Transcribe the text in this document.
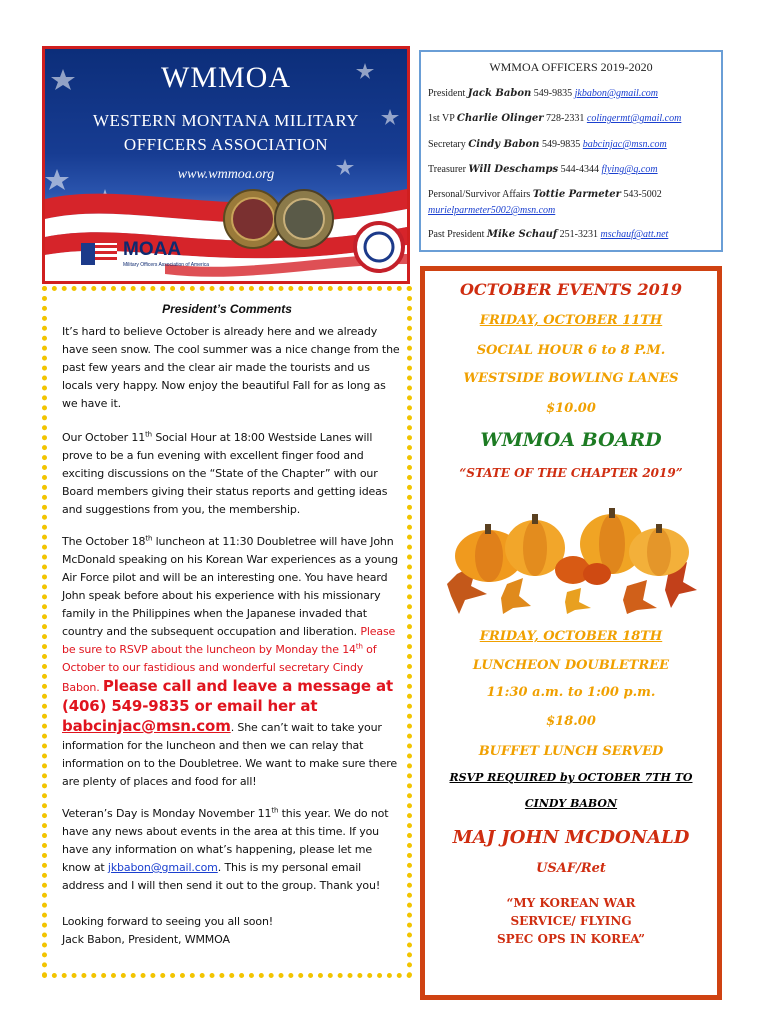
WMMOA
WESTERN MONTANA MILITARY
OFFICERS ASSOCIATION
www.wmmoa.org
MOAA
Military Officers Association of America
WMMOA OFFICERS 2019-2020
President Jack Babon 549-9835 jkbabon@gmail.com
1st VP Charlie Olinger 728-2331 colingermt@gmail.com
Secretary Cindy Babon 549-9835 babcinjac@msn.com
Treasurer Will Deschamps 544-4344 flying@q.com
Personal/Survivor Affairs Tottie Parmeter 543-5002
murielparmeter5002@msn.com
Past President Mike Schauf 251-3231 mschauf@att.net
President’s Comments
It’s hard to believe October is already here and we already have seen snow. The cool summer was a nice change from the past few years and the clear air made the tourists and us locals very happy. Now enjoy the beautiful Fall for as long as we have it.
Our October 11th Social Hour at 18:00 Westside Lanes will prove to be a fun evening with excellent finger food and exciting discussions on the “State of the Chapter” with our Board members giving their status reports and getting ideas and suggestions from you, the membership.
The October 18th luncheon at 11:30 Doubletree will have John McDonald speaking on his Korean War experiences as a young Air Force pilot and will be an interesting one. You have heard John speak before about his experience with his missionary family in the Philippines when the Japanese invaded that country and the subsequent occupation and liberation. Please be sure to RSVP about the luncheon by Monday the 14th of October to our fastidious and wonderful secretary Cindy Babon. Please call and leave a message at (406) 549-9835 or email her at babcinjac@msn.com. She can’t wait to take your information for the luncheon and then we can relay that information on to the Doubletree. We want to make sure there are plenty of places and food for all!
Veteran’s Day is Monday November 11th this year. We do not have any news about events in the area at this time. If you have any information on what’s happening, please let me know at jkbabon@gmail.com. This is my personal email address and I will then send it out to the group. Thank you!
Looking forward to seeing you all soon!
Jack Babon, President, WMMOA
OCTOBER EVENTS 2019
FRIDAY, OCTOBER 11TH
SOCIAL HOUR 6 to 8 P.M.
WESTSIDE BOWLING LANES
$10.00
WMMOA BOARD
“STATE OF THE CHAPTER 2019”
FRIDAY, OCTOBER 18TH
LUNCHEON DOUBLETREE
11:30 a.m. to 1:00 p.m.
$18.00
BUFFET LUNCH SERVED
RSVP REQUIRED by OCTOBER 7TH TO
CINDY BABON
MAJ JOHN MCDONALD
USAF/Ret
“MY KOREAN WAR
SERVICE/ FLYING
SPEC OPS IN KOREA”
